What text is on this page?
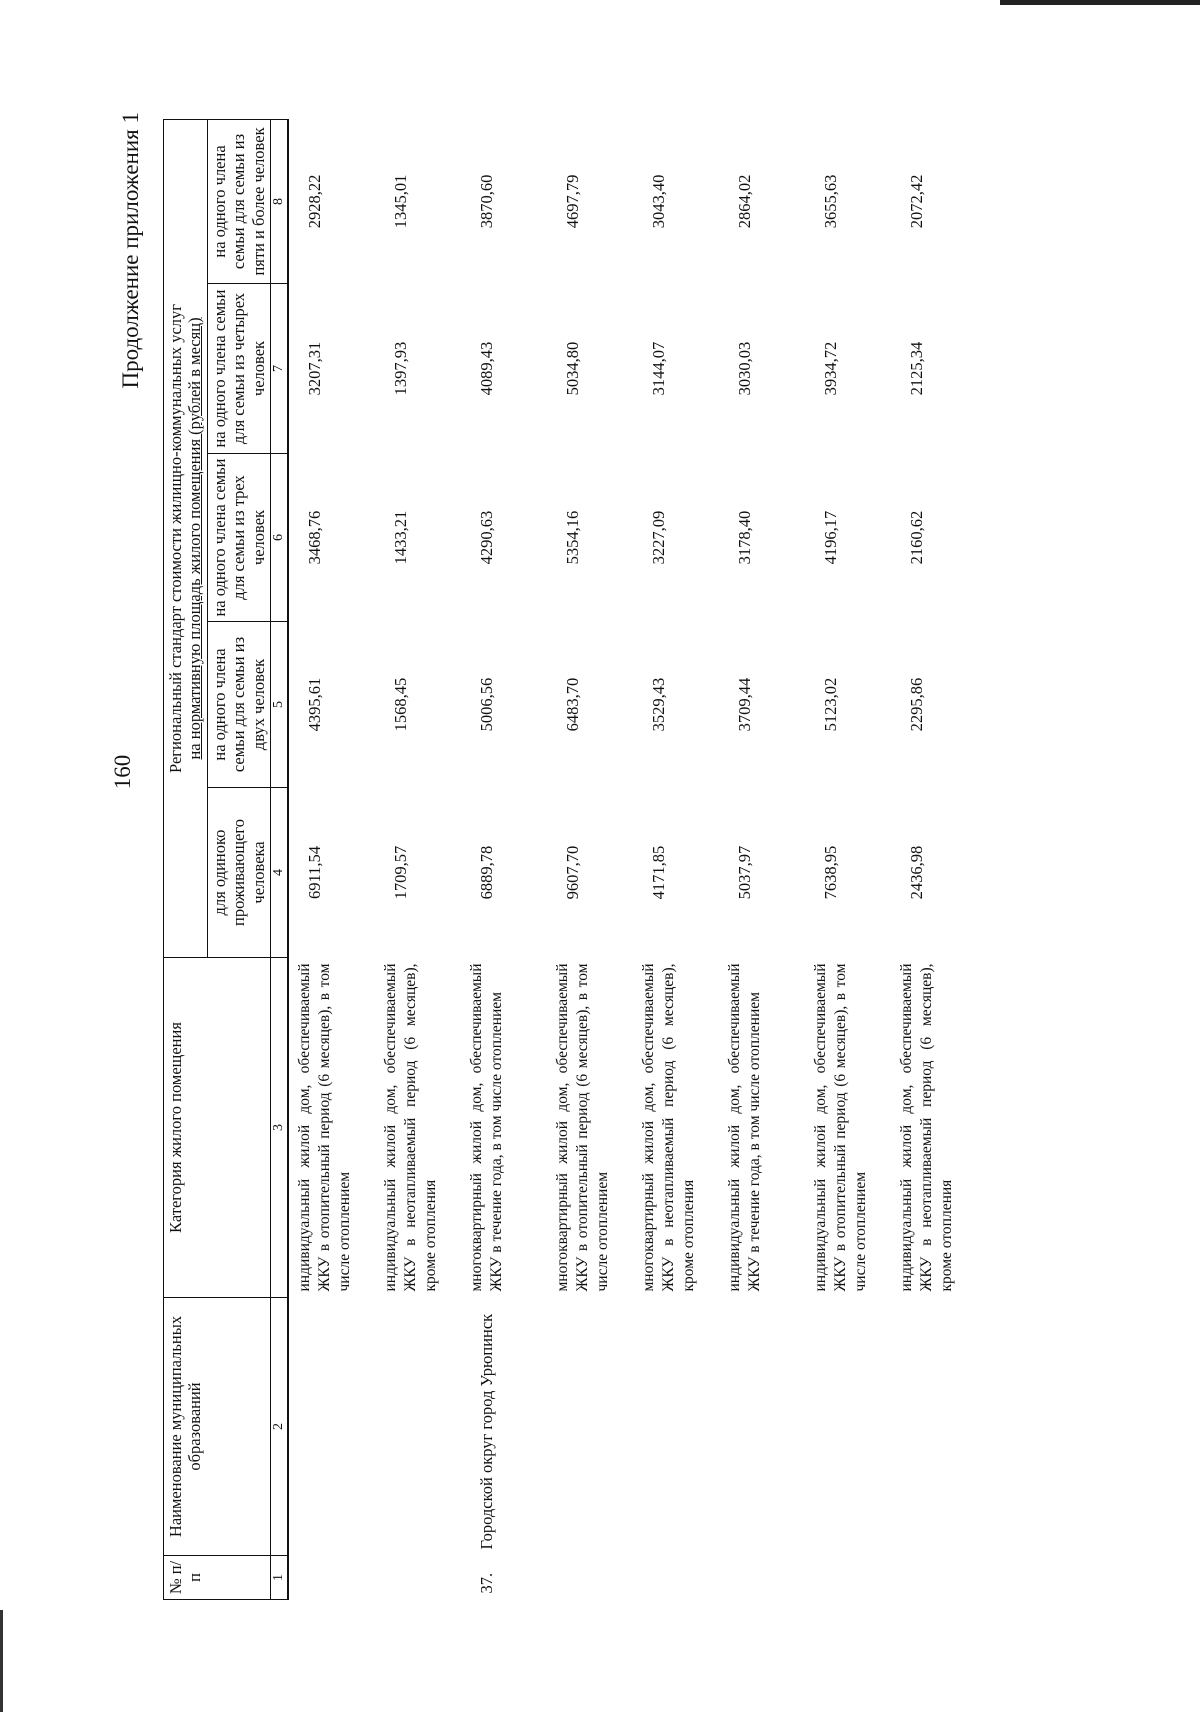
Продолжение приложения 1
160
№ п/п	Наименование муниципальных образований	Категория жилого помещения	Региональный стандарт стоимости жилищно-коммунальных услуг на нормативную площадь жилого помещения (рублей в месяц)				

			для одиноко проживающего человека	на одного члена семьи для семьи из двух человек	на одного члена семьи для семьи из трех человек	на одного члена семьи для семьи из четырех человек	на одного члена семьи для семьи из пяти и более человек
1	2	3	4	5	6	7	8
		индивидуальный жилой дом, обеспечиваемый ЖКУ в отопительный период (6 месяцев), в том числе отоплением	6911,54	4395,61	3468,76	3207,31	2928,22
		индивидуальный жилой дом, обеспечиваемый ЖКУ в неотапливаемый период (6 месяцев), кроме отопления	1709,57	1568,45	1433,21	1397,93	1345,01
37.	Городской округ город Урюпинск	многоквартирный жилой дом, обеспечиваемый ЖКУ в течение года, в том числе отоплением	6889,78	5006,56	4290,63	4089,43	3870,60
		многоквартирный жилой дом, обеспечиваемый ЖКУ в отопительный период (6 месяцев), в том числе отоплением	9607,70	6483,70	5354,16	5034,80	4697,79
		многоквартирный жилой дом, обеспечиваемый ЖКУ в неотапливаемый период (6 месяцев), кроме отопления	4171,85	3529,43	3227,09	3144,07	3043,40
		индивидуальный жилой дом, обеспечиваемый ЖКУ в течение года, в том числе отоплением	5037,97	3709,44	3178,40	3030,03	2864,02
		индивидуальный жилой дом, обеспечиваемый ЖКУ в отопительный период (6 месяцев), в том числе отоплением	7638,95	5123,02	4196,17	3934,72	3655,63
		индивидуальный жилой дом, обеспечиваемый ЖКУ в неотапливаемый период (6 месяцев), кроме отопления	2436,98	2295,86	2160,62	2125,34	2072,42
